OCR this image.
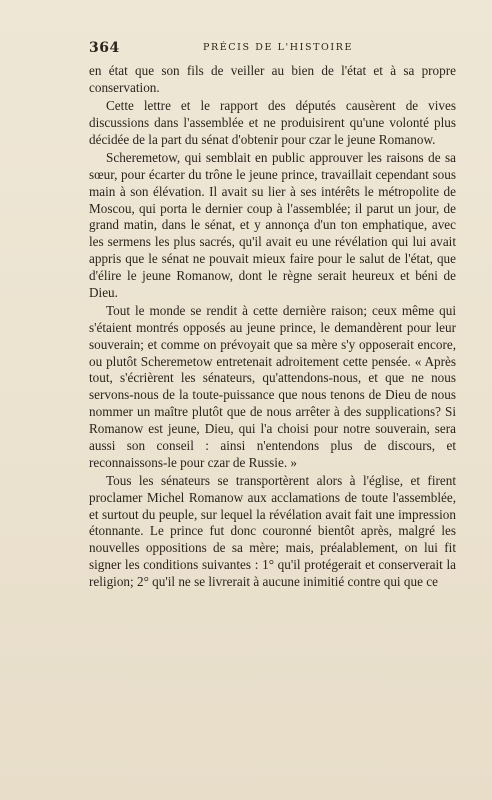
364	PRÉCIS DE L'HISTOIRE

en état que son fils de veiller au bien de l'état et à sa propre conservation.

Cette lettre et le rapport des députés causèrent de vives discussions dans l'assemblée et ne produisirent qu'une volonté plus décidée de la part du sénat d'obtenir pour czar le jeune Romanow.

Scheremetow, qui semblait en public approuver les raisons de sa sœur, pour écarter du trône le jeune prince, travaillait cependant sous main à son élévation. Il avait su lier à ses intérêts le métropolite de Moscou, qui porta le dernier coup à l'assemblée; il parut un jour, de grand matin, dans le sénat, et y annonça d'un ton emphatique, avec les sermens les plus sacrés, qu'il avait eu une révélation qui lui avait appris que le sénat ne pouvait mieux faire pour le salut de l'état, que d'élire le jeune Romanow, dont le règne serait heureux et béni de Dieu.

Tout le monde se rendit à cette dernière raison; ceux même qui s'étaient montrés opposés au jeune prince, le demandèrent pour leur souverain; et comme on prévoyait que sa mère s'y opposerait encore, ou plutôt Scheremetow entretenait adroitement cette pensée. « Après tout, s'écrièrent les sénateurs, qu'attendons-nous, et que ne nous servons-nous de la toute-puissance que nous tenons de Dieu de nous nommer un maître plutôt que de nous arrêter à des supplications? Si Romanow est jeune, Dieu, qui l'a choisi pour notre souverain, sera aussi son conseil : ainsi n'entendons plus de discours, et reconnaissons-le pour czar de Russie. »

Tous les sénateurs se transportèrent alors à l'église, et firent proclamer Michel Romanow aux acclamations de toute l'assemblée, et surtout du peuple, sur lequel la révélation avait fait une impression étonnante. Le prince fut donc couronné bientôt après, malgré les nouvelles oppositions de sa mère; mais, préalablement, on lui fit signer les conditions suivantes : 1° qu'il protégerait et conserverait la religion; 2° qu'il ne se livrerait à aucune inimitié contre qui que ce
